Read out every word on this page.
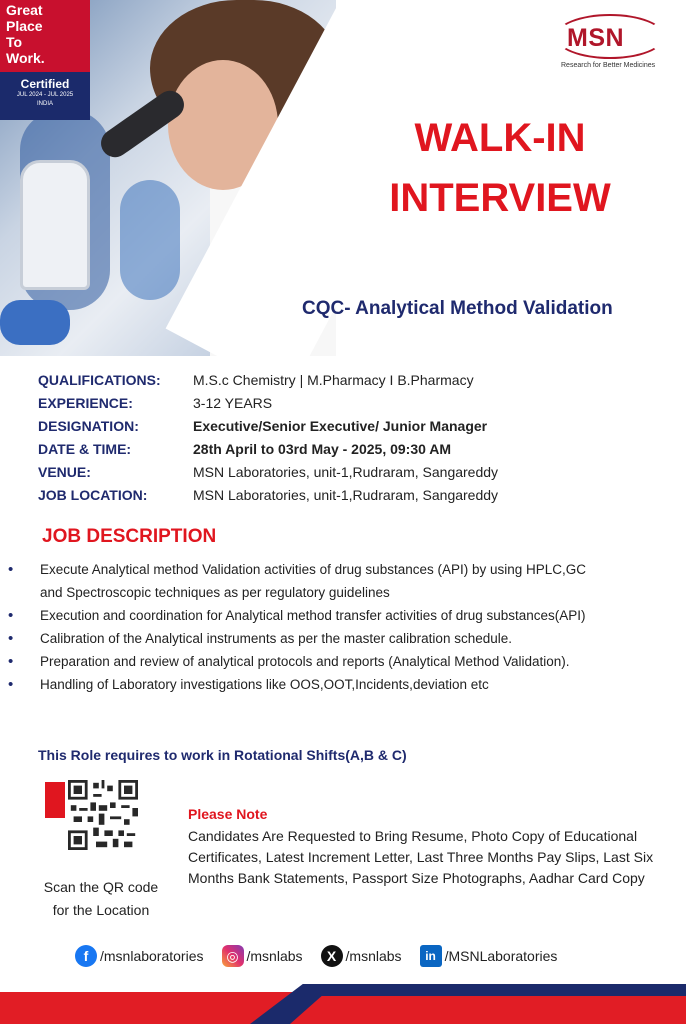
Great
Place
To
Work.
Certified
JUL 2024 - JUL 2025
INDIA
MSN
Research for Better Medicines
WALK-IN
INTERVIEW
CQC- Analytical Method Validation
QUALIFICATIONS:	M.S.c Chemistry | M.Pharmacy I B.Pharmacy
EXPERIENCE:	3-12 YEARS
DESIGNATION:	Executive/Senior Executive/ Junior Manager
DATE & TIME:	28th April to 03rd May - 2025, 09:30 AM
VENUE:	MSN Laboratories, unit-1,Rudraram, Sangareddy
JOB LOCATION:	MSN Laboratories, unit-1,Rudraram, Sangareddy
JOB DESCRIPTION
• Execute Analytical method Validation activities of drug substances (API) by using HPLC,GC and Spectroscopic techniques as per regulatory guidelines
• Execution and coordination for Analytical method transfer activities of drug substances(API)
• Calibration of the Analytical instruments as per the master calibration schedule.
• Preparation and review of analytical protocols and reports (Analytical Method Validation).
• Handling of Laboratory investigations like OOS,OOT,Incidents,deviation etc
This Role requires to work in Rotational Shifts(A,B & C)
Scan the QR code
for the Location
Please Note
Candidates Are Requested to Bring Resume, Photo Copy of Educational Certificates, Latest Increment Letter, Last Three Months Pay Slips, Last Six Months Bank Statements, Passport Size Photographs, Aadhar Card Copy
f /msnlaboratories	◎ /msnlabs	X /msnlabs	in /MSNLaboratories
